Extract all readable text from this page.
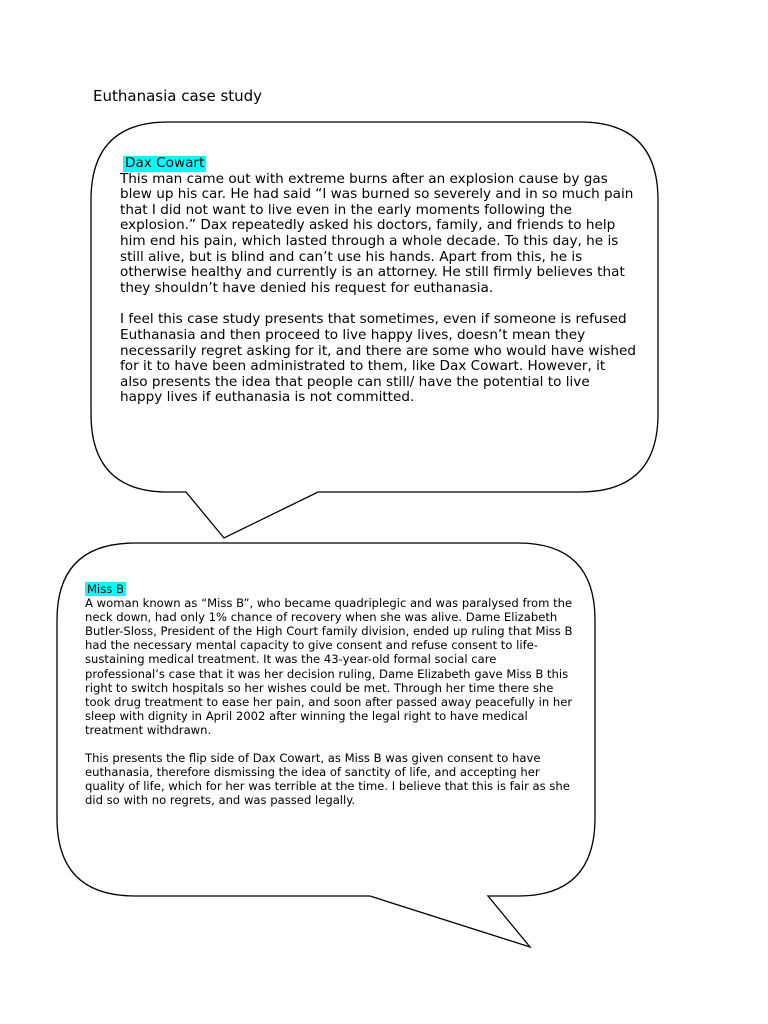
Euthanasia case study
Dax Cowart

This man came out with extreme burns after an explosion cause by gas blew up his car. He had said “I was burned so severely and in so much pain that I did not want to live even in the early moments following the explosion.” Dax repeatedly asked his doctors, family, and friends to help him end his pain, which lasted through a whole decade. To this day, he is still alive, but is blind and can’t use his hands. Apart from this, he is otherwise healthy and currently is an attorney. He still firmly believes that they shouldn’t have denied his request for euthanasia.

I feel this case study presents that sometimes, even if someone is refused Euthanasia and then proceed to live happy lives, doesn’t mean they necessarily regret asking for it, and there are some who would have wished for it to have been administrated to them, like Dax Cowart. However, it also presents the idea that people can still/ have the potential to live happy lives if euthanasia is not committed.

Miss B

A woman known as “Miss B”, who became quadriplegic and was paralysed from the neck down, had only 1% chance of recovery when she was alive. Dame Elizabeth Butler-Sloss, President of the High Court family division, ended up ruling that Miss B had the necessary mental capacity to give consent and refuse consent to life-sustaining medical treatment. It was the 43-year-old formal social care professional’s case that it was her decision ruling, Dame Elizabeth gave Miss B this right to switch hospitals so her wishes could be met. Through her time there she took drug treatment to ease her pain, and soon after passed away peacefully in her sleep with dignity in April 2002 after winning the legal right to have medical treatment withdrawn.

This presents the flip side of Dax Cowart, as Miss B was given consent to have euthanasia, therefore dismissing the idea of sanctity of life, and accepting her quality of life, which for her was terrible at the time. I believe that this is fair as she did so with no regrets, and was passed legally.
